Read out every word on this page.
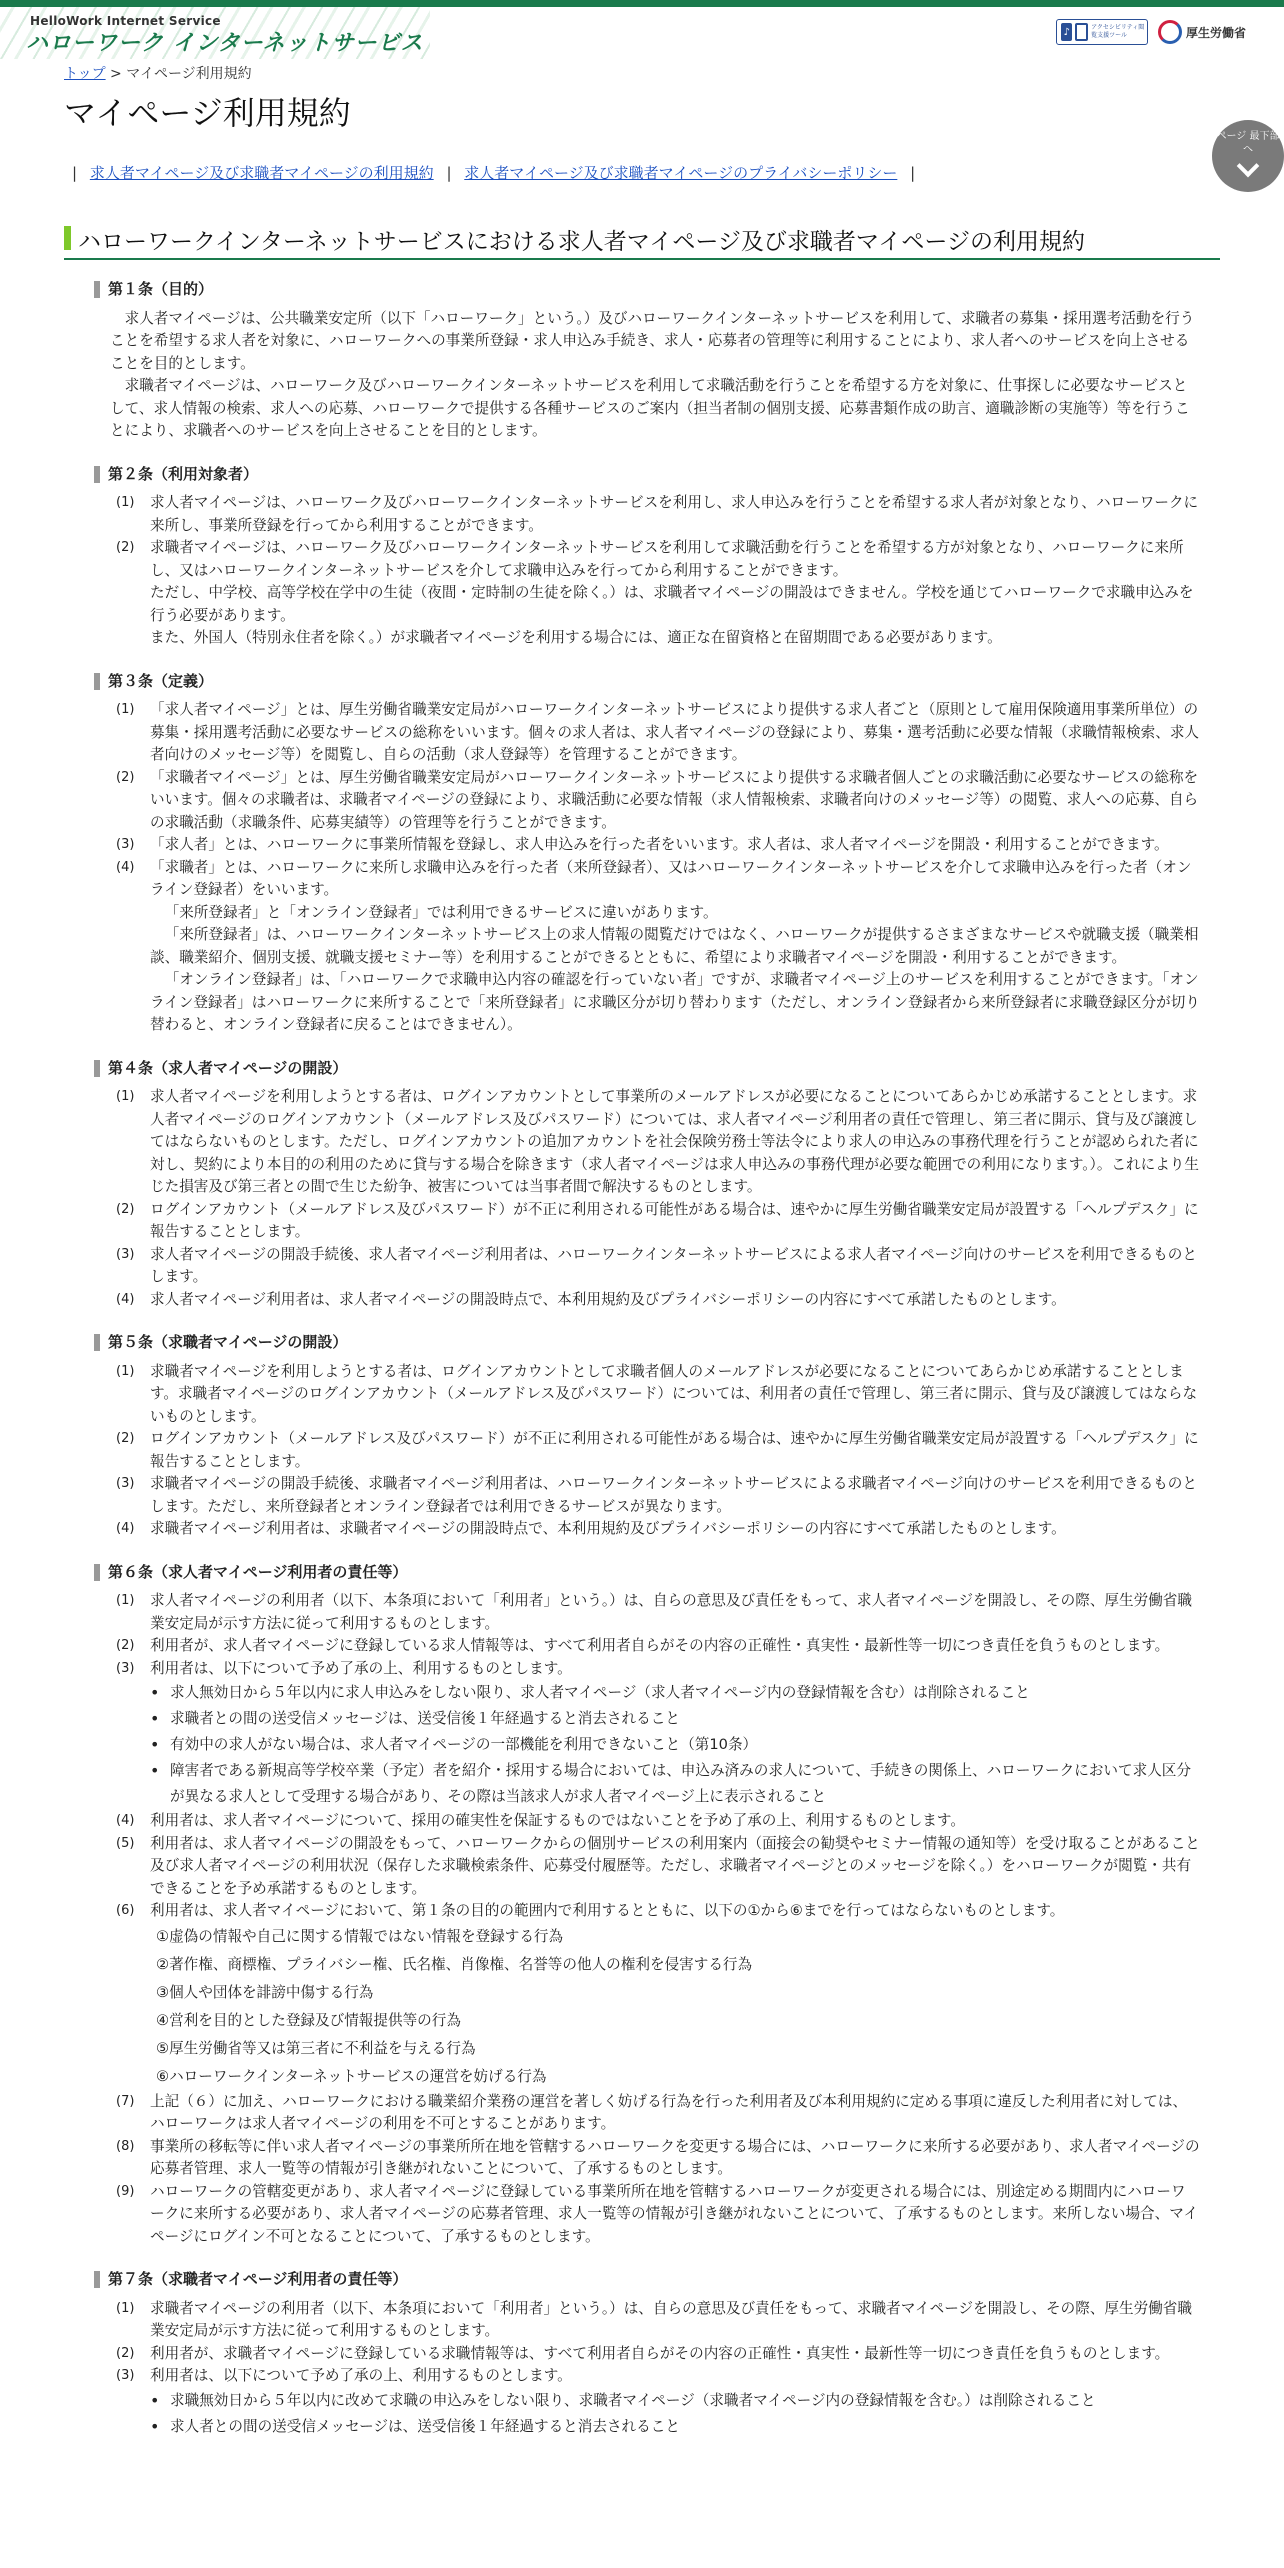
HelloWork Internet Service
ハローワーク インターネットサービス	♪	アクセシビリティ閲覧支援ツール	厚生労働省
トップ > マイページ利用規約
マイページ利用規約
ページ 最下部へ
| 求人者マイページ及び求職者マイページの利用規約 | 求人者マイページ及び求職者マイページのプライバシーポリシー |
ハローワークインターネットサービスにおける求人者マイページ及び求職者マイページの利用規約
第１条（目的）
求人者マイページは、公共職業安定所（以下「ハローワーク」という。）及びハローワークインターネットサービスを利用して、求職者の募集・採用選考活動を行うことを希望する求人者を対象に、ハローワークへの事業所登録・求人申込み手続き、求人・応募者の管理等に利用することにより、求人者へのサービスを向上させることを目的とします。
求職者マイページは、ハローワーク及びハローワークインターネットサービスを利用して求職活動を行うことを希望する方を対象に、仕事探しに必要なサービスとして、求人情報の検索、求人への応募、ハローワークで提供する各種サービスのご案内（担当者制の個別支援、応募書類作成の助言、適職診断の実施等）等を行うことにより、求職者へのサービスを向上させることを目的とします。
第２条（利用対象者）
(1)	求人者マイページは、ハローワーク及びハローワークインターネットサービスを利用し、求人申込みを行うことを希望する求人者が対象となり、ハローワークに来所し、事業所登録を行ってから利用することができます。
(2)	求職者マイページは、ハローワーク及びハローワークインターネットサービスを利用して求職活動を行うことを希望する方が対象となり、ハローワークに来所し、又はハローワークインターネットサービスを介して求職申込みを行ってから利用することができます。
ただし、中学校、高等学校在学中の生徒（夜間・定時制の生徒を除く。）は、求職者マイページの開設はできません。学校を通じてハローワークで求職申込みを行う必要があります。
また、外国人（特別永住者を除く。）が求職者マイページを利用する場合には、適正な在留資格と在留期間である必要があります。
第３条（定義）
(1)	「求人者マイページ」とは、厚生労働省職業安定局がハローワークインターネットサービスにより提供する求人者ごと（原則として雇用保険適用事業所単位）の募集・採用選考活動に必要なサービスの総称をいいます。個々の求人者は、求人者マイページの登録により、募集・選考活動に必要な情報（求職情報検索、求人者向けのメッセージ等）を閲覧し、自らの活動（求人登録等）を管理することができます。
(2)	「求職者マイページ」とは、厚生労働省職業安定局がハローワークインターネットサービスにより提供する求職者個人ごとの求職活動に必要なサービスの総称をいいます。個々の求職者は、求職者マイページの登録により、求職活動に必要な情報（求人情報検索、求職者向けのメッセージ等）の閲覧、求人への応募、自らの求職活動（求職条件、応募実績等）の管理等を行うことができます。
(3)	「求人者」とは、ハローワークに事業所情報を登録し、求人申込みを行った者をいいます。求人者は、求人者マイページを開設・利用することができます。
(4)	「求職者」とは、ハローワークに来所し求職申込みを行った者（来所登録者）、又はハローワークインターネットサービスを介して求職申込みを行った者（オンライン登録者）をいいます。
「来所登録者」と「オンライン登録者」では利用できるサービスに違いがあります。
「来所登録者」は、ハローワークインターネットサービス上の求人情報の閲覧だけではなく、ハローワークが提供するさまざまなサービスや就職支援（職業相談、職業紹介、個別支援、就職支援セミナー等）を利用することができるとともに、希望により求職者マイページを開設・利用することができます。
「オンライン登録者」は、「ハローワークで求職申込内容の確認を行っていない者」ですが、求職者マイページ上のサービスを利用することができます。「オンライン登録者」はハローワークに来所することで「来所登録者」に求職区分が切り替わります（ただし、オンライン登録者から来所登録者に求職登録区分が切り替わると、オンライン登録者に戻ることはできません）。
第４条（求人者マイページの開設）
(1)	求人者マイページを利用しようとする者は、ログインアカウントとして事業所のメールアドレスが必要になることについてあらかじめ承諾することとします。求人者マイページのログインアカウント（メールアドレス及びパスワード）については、求人者マイページ利用者の責任で管理し、第三者に開示、貸与及び譲渡してはならないものとします。ただし、ログインアカウントの追加アカウントを社会保険労務士等法令により求人の申込みの事務代理を行うことが認められた者に対し、契約により本目的の利用のために貸与する場合を除きます（求人者マイページは求人申込みの事務代理が必要な範囲での利用になります。）。これにより生じた損害及び第三者との間で生じた紛争、被害については当事者間で解決するものとします。
(2)	ログインアカウント（メールアドレス及びパスワード）が不正に利用される可能性がある場合は、速やかに厚生労働省職業安定局が設置する「ヘルプデスク」に報告することとします。
(3)	求人者マイページの開設手続後、求人者マイページ利用者は、ハローワークインターネットサービスによる求人者マイページ向けのサービスを利用できるものとします。
(4)	求人者マイページ利用者は、求人者マイページの開設時点で、本利用規約及びプライバシーポリシーの内容にすべて承諾したものとします。
第５条（求職者マイページの開設）
(1)	求職者マイページを利用しようとする者は、ログインアカウントとして求職者個人のメールアドレスが必要になることについてあらかじめ承諾することとします。求職者マイページのログインアカウント（メールアドレス及びパスワード）については、利用者の責任で管理し、第三者に開示、貸与及び譲渡してはならないものとします。
(2)	ログインアカウント（メールアドレス及びパスワード）が不正に利用される可能性がある場合は、速やかに厚生労働省職業安定局が設置する「ヘルプデスク」に報告することとします。
(3)	求職者マイページの開設手続後、求職者マイページ利用者は、ハローワークインターネットサービスによる求職者マイページ向けのサービスを利用できるものとします。ただし、来所登録者とオンライン登録者では利用できるサービスが異なります。
(4)	求職者マイページ利用者は、求職者マイページの開設時点で、本利用規約及びプライバシーポリシーの内容にすべて承諾したものとします。
第６条（求人者マイページ利用者の責任等）
(1)	求人者マイページの利用者（以下、本条項において「利用者」という。）は、自らの意思及び責任をもって、求人者マイページを開設し、その際、厚生労働省職業安定局が示す方法に従って利用するものとします。
(2)	利用者が、求人者マイページに登録している求人情報等は、すべて利用者自らがその内容の正確性・真実性・最新性等一切につき責任を負うものとします。
(3)	利用者は、以下について予め了承の上、利用するものとします。
• 求人無効日から５年以内に求人申込みをしない限り、求人者マイページ（求人者マイページ内の登録情報を含む）は削除されること
• 求職者との間の送受信メッセージは、送受信後１年経過すると消去されること
• 有効中の求人がない場合は、求人者マイページの一部機能を利用できないこと（第10条）
• 障害者である新規高等学校卒業（予定）者を紹介・採用する場合においては、申込み済みの求人について、手続きの関係上、ハローワークにおいて求人区分が異なる求人として受理する場合があり、その際は当該求人が求人者マイページ上に表示されること
(4)	利用者は、求人者マイページについて、採用の確実性を保証するものではないことを予め了承の上、利用するものとします。
(5)	利用者は、求人者マイページの開設をもって、ハローワークからの個別サービスの利用案内（面接会の勧奨やセミナー情報の通知等）を受け取ることがあること及び求人者マイページの利用状況（保存した求職検索条件、応募受付履歴等。ただし、求職者マイページとのメッセージを除く。）をハローワークが閲覧・共有できることを予め承諾するものとします。
(6)	利用者は、求人者マイページにおいて、第１条の目的の範囲内で利用するとともに、以下の①から⑥までを行ってはならないものとします。
①虚偽の情報や自己に関する情報ではない情報を登録する行為
②著作権、商標権、プライバシー権、氏名権、肖像権、名誉等の他人の権利を侵害する行為
③個人や団体を誹謗中傷する行為
④営利を目的とした登録及び情報提供等の行為
⑤厚生労働省等又は第三者に不利益を与える行為
⑥ハローワークインターネットサービスの運営を妨げる行為
(7)	上記（６）に加え、ハローワークにおける職業紹介業務の運営を著しく妨げる行為を行った利用者及び本利用規約に定める事項に違反した利用者に対しては、ハローワークは求人者マイページの利用を不可とすることがあります。
(8)	事業所の移転等に伴い求人者マイページの事業所所在地を管轄するハローワークを変更する場合には、ハローワークに来所する必要があり、求人者マイページの応募者管理、求人一覧等の情報が引き継がれないことについて、了承するものとします。
(9)	ハローワークの管轄変更があり、求人者マイページに登録している事業所所在地を管轄するハローワークが変更される場合には、別途定める期間内にハローワークに来所する必要があり、求人者マイページの応募者管理、求人一覧等の情報が引き継がれないことについて、了承するものとします。来所しない場合、マイページにログイン不可となることについて、了承するものとします。
第７条（求職者マイページ利用者の責任等）
(1)	求職者マイページの利用者（以下、本条項において「利用者」という。）は、自らの意思及び責任をもって、求職者マイページを開設し、その際、厚生労働省職業安定局が示す方法に従って利用するものとします。
(2)	利用者が、求職者マイページに登録している求職情報等は、すべて利用者自らがその内容の正確性・真実性・最新性等一切につき責任を負うものとします。
(3)	利用者は、以下について予め了承の上、利用するものとします。
• 求職無効日から５年以内に改めて求職の申込みをしない限り、求職者マイページ（求職者マイページ内の登録情報を含む。）は削除されること
• 求人者との間の送受信メッセージは、送受信後１年経過すると消去されること
